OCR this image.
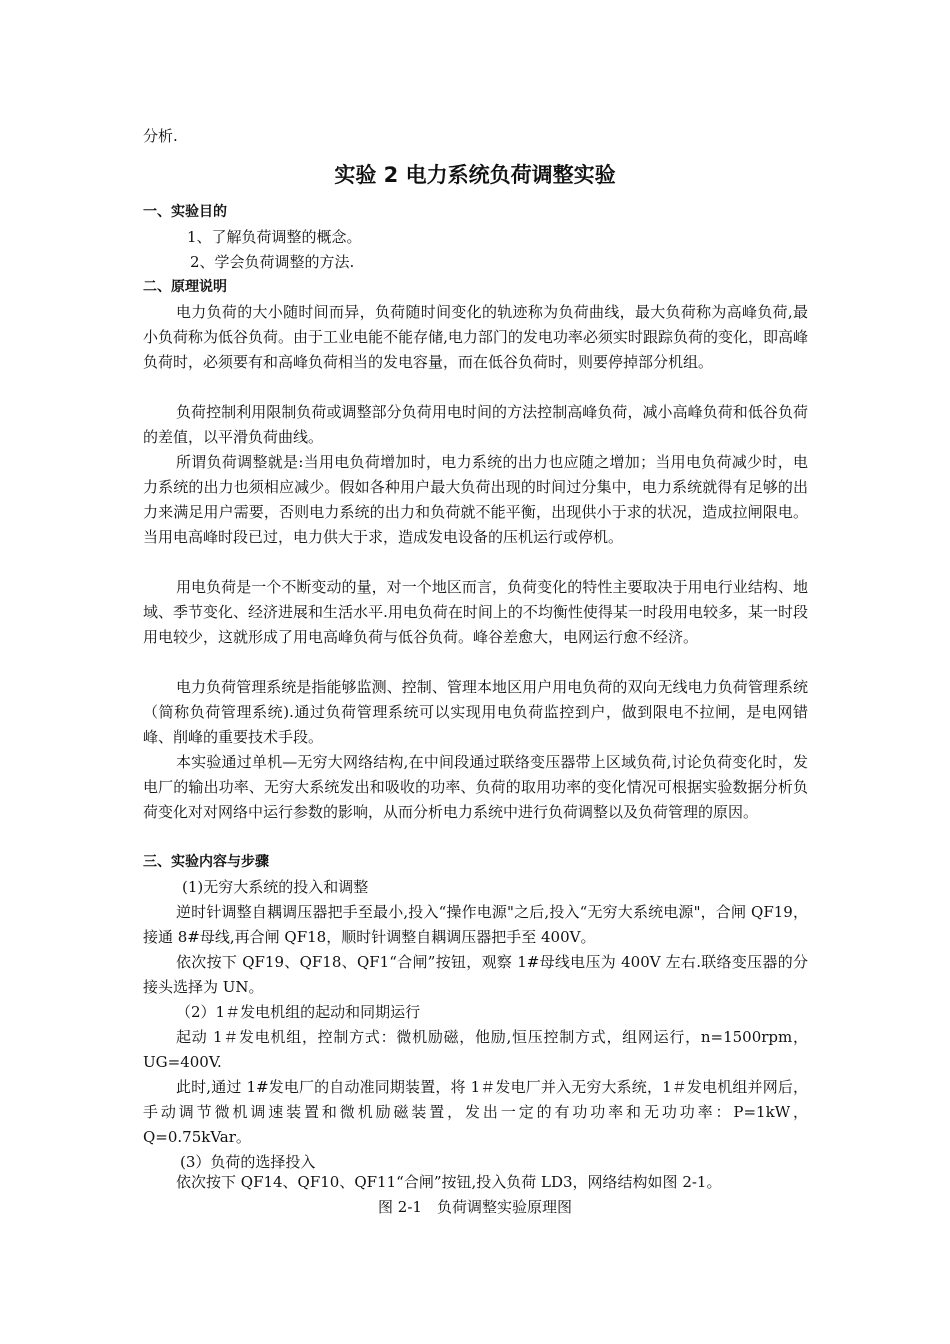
分析.

实验 2 电力系统负荷调整实验
一、实验目的

1、了解负荷调整的概念。

2、学会负荷调整的方法.

二、原理说明

电力负荷的大小随时间而异，负荷随时间变化的轨迹称为负荷曲线，最大负荷称为高峰负荷,最小负荷称为低谷负荷。由于工业电能不能存储,电力部门的发电功率必须实时跟踪负荷的变化，即高峰负荷时，必须要有和高峰负荷相当的发电容量，而在低谷负荷时，则要停掉部分机组。

负荷控制利用限制负荷或调整部分负荷用电时间的方法控制高峰负荷，减小高峰负荷和低谷负荷的差值，以平滑负荷曲线。

所谓负荷调整就是:当用电负荷增加时，电力系统的出力也应随之增加；当用电负荷减少时，电力系统的出力也须相应减少。假如各种用户最大负荷出现的时间过分集中，电力系统就得有足够的出力来满足用户需要，否则电力系统的出力和负荷就不能平衡，出现供小于求的状况，造成拉闸限电。当用电高峰时段已过，电力供大于求，造成发电设备的压机运行或停机。

用电负荷是一个不断变动的量，对一个地区而言，负荷变化的特性主要取决于用电行业结构、地域、季节变化、经济进展和生活水平.用电负荷在时间上的不均衡性使得某一时段用电较多，某一时段用电较少，这就形成了用电高峰负荷与低谷负荷。峰谷差愈大，电网运行愈不经济。

电力负荷管理系统是指能够监测、控制、管理本地区用户用电负荷的双向无线电力负荷管理系统（简称负荷管理系统).通过负荷管理系统可以实现用电负荷监控到户，做到限电不拉闸，是电网错峰、削峰的重要技术手段。

本实验通过单机—无穷大网络结构,在中间段通过联络变压器带上区域负荷,讨论负荷变化时，发电厂的输出功率、无穷大系统发出和吸收的功率、负荷的取用功率的变化情况可根据实验数据分析负荷变化对对网络中运行参数的影响，从而分析电力系统中进行负荷调整以及负荷管理的原因。

三、实验内容与步骤

(1)无穷大系统的投入和调整

逆时针调整自耦调压器把手至最小,投入“操作电源"之后,投入“无穷大系统电源"，合闸 QF19，接通 8#母线,再合闸 QF18，顺时针调整自耦调压器把手至 400V。

依次按下 QF19、QF18、QF1“合闸”按钮，观察 1#母线电压为 400V 左右.联络变压器的分接头选择为 UN。

（2）1＃发电机组的起动和同期运行

起动 1＃发电机组，控制方式：微机励磁，他励,恒压控制方式，组网运行，n=1500rpm，UG=400V.

此时,通过 1#发电厂的自动准同期装置，将 1＃发电厂并入无穷大系统，1＃发电机组并网后，手动调节微机调速装置和微机励磁装置，发出一定的有功功率和无功功率：P=1kW，Q=0.75kVar。

(3）负荷的选择投入

依次按下 QF14、QF10、QF11“合闸”按钮,投入负荷 LD3，网络结构如图 2-1。

图 2-1　负荷调整实验原理图
